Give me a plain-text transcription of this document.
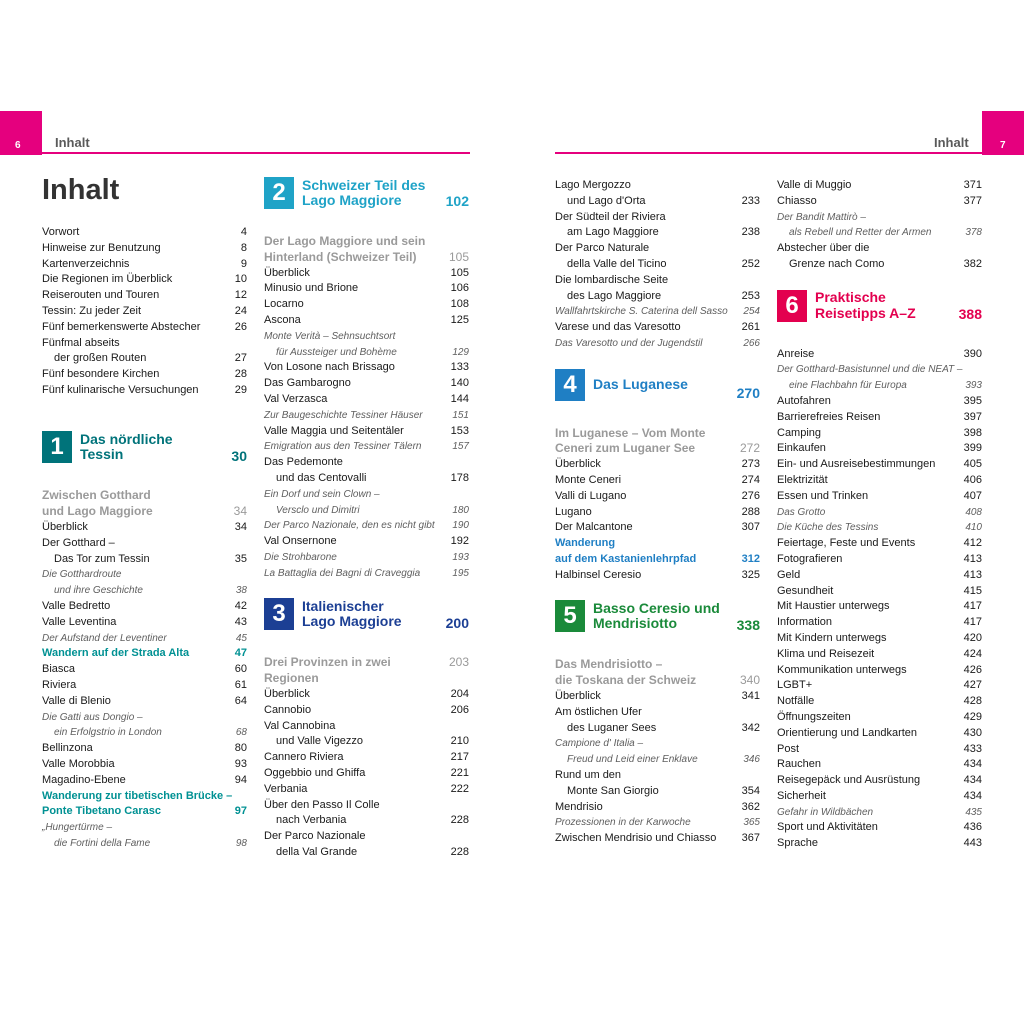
6	Inhalt	7
Inhalt
Inhalt
Vorwort	4
Hinweise zur Benutzung	8
Kartenverzeichnis	9
Die Regionen im Überblick	10
Reiserouten und Touren	12
Tessin: Zu jeder Zeit	24
Fünf bemerkenswerte Abstecher	26
Fünfmal abseits
der großen Routen	27
Fünf besondere Kirchen	28
Fünf kulinarische Versuchungen	29
1	Das nördliche
Tessin	30
Zwischen Gotthard
und Lago Maggiore	34
Überblick	34
Der Gotthard –
Das Tor zum Tessin	35
Die Gotthardroute
und ihre Geschichte	38
Valle Bedretto	42
Valle Leventina	43
Der Aufstand der Leventiner	45
Wandern auf der Strada Alta	47
Biasca	60
Riviera	61
Valle di Blenio	64
Die Gatti aus Dongio –
ein Erfolgstrio in London	68
Bellinzona	80
Valle Morobbia	93
Magadino-Ebene	94
Wanderung zur tibetischen Brücke –
Ponte Tibetano Carasc	97
„Hungertürme –
die Fortini della Fame	98
2	Schweizer Teil des
Lago Maggiore	102
Der Lago Maggiore und sein
Hinterland (Schweizer Teil)	105
Überblick	105
Minusio und Brione	106
Locarno	108
Ascona	125
Monte Verità – Sehnsuchtsort
für Aussteiger und Bohème	129
Von Losone nach Brissago	133
Das Gambarogno	140
Val Verzasca	144
Zur Baugeschichte Tessiner Häuser	151
Valle Maggia und Seitentäler	153
Emigration aus den Tessiner Tälern	157
Das Pedemonte
und das Centovalli	178
Ein Dorf und sein Clown –
Versclo und Dimitri	180
Der Parco Nazionale, den es nicht gibt	190
Val Onsernone	192
Die Strohbarone	193
La Battaglia dei Bagni di Craveggia	195
3	Italienischer
Lago Maggiore	200
Drei Provinzen in zwei Regionen
203
Überblick	204
Cannobio	206
Val Cannobina
und Valle Vigezzo	210
Cannero Riviera	217
Oggebbio und Ghiffa	221
Verbania	222
Über den Passo Il Colle
nach Verbania	228
Der Parco Nazionale
della Val Grande	228
Lago Mergozzo
und Lago d'Orta	233
Der Südteil der Riviera
am Lago Maggiore	238
Der Parco Naturale
della Valle del Ticino	252
Die lombardische Seite
des Lago Maggiore	253
Wallfahrtskirche S. Caterina dell Sasso	254
Varese und das Varesotto	261
Das Varesotto und der Jugendstil	266
4	Das Luganese
270
Im Luganese – Vom Monte
Ceneri zum Luganer See	272
Überblick	273
Monte Ceneri	274
Valli di Lugano	276
Lugano	288
Der Malcantone	307
Wanderung
auf dem Kastanienlehrpfad	312
Halbinsel Ceresio	325
5	Basso Ceresio und
Mendrisiotto	338
Das Mendrisiotto –
die Toskana der Schweiz	340
Überblick	341
Am östlichen Ufer
des Luganer Sees	342
Campione d' Italia –
Freud und Leid einer Enklave	346
Rund um den
Monte San Giorgio	354
Mendrisio	362
Prozessionen in der Karwoche	365
Zwischen Mendrisio und Chiasso	367
Valle di Muggio	371
Chiasso	377
Der Bandit Mattirò –
als Rebell und Retter der Armen	378
Abstecher über die
Grenze nach Como	382
6	Praktische
Reisetipps A–Z	388
Anreise	390
Der Gotthard-Basistunnel und die NEAT –
eine Flachbahn für Europa	393
Autofahren	395
Barrierefreies Reisen	397
Camping	398
Einkaufen	399
Ein- und Ausreisebestimmungen	405
Elektrizität	406
Essen und Trinken	407
Das Grotto	408
Die Küche des Tessins	410
Feiertage, Feste und Events	412
Fotografieren	413
Geld	413
Gesundheit	415
Mit Haustier unterwegs	417
Information	417
Mit Kindern unterwegs	420
Klima und Reisezeit	424
Kommunikation unterwegs	426
LGBT+	427
Notfälle	428
Öffnungszeiten	429
Orientierung und Landkarten	430
Post	433
Rauchen	434
Reisegepäck und Ausrüstung	434
Sicherheit	434
Gefahr in Wildbächen	435
Sport und Aktivitäten	436
Sprache	443
